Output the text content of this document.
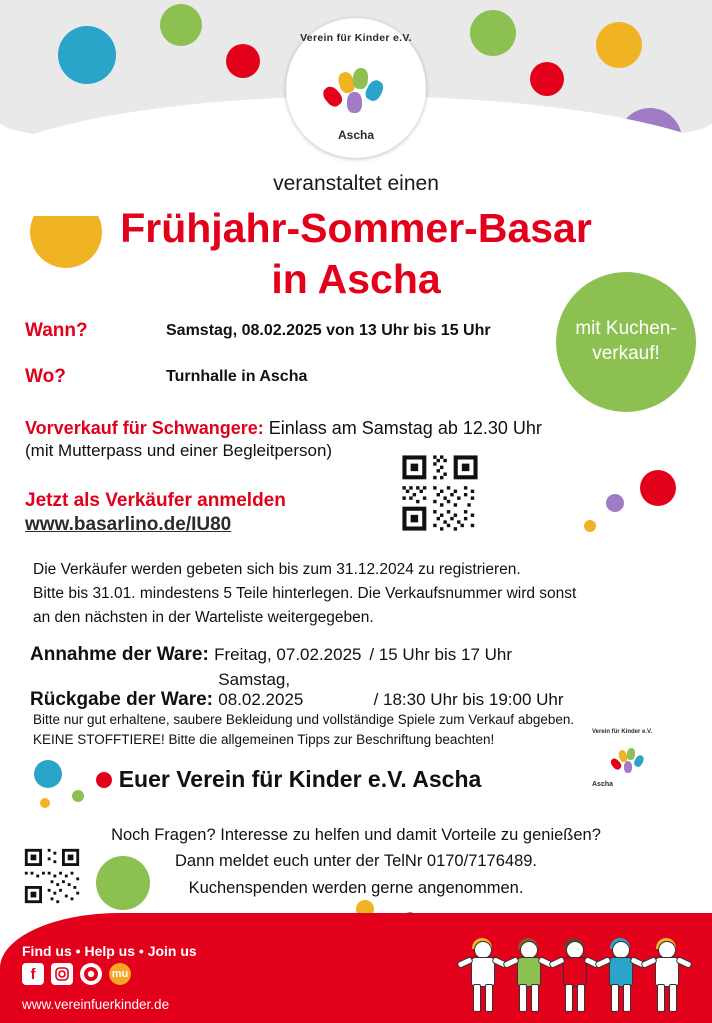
Verein für Kinder e.V.
Ascha
veranstaltet einen
Frühjahr-Sommer-Basar
in Ascha
mit Kuchen-verkauf!
Wann?	Samstag, 08.02.2025 von 13 Uhr bis 15 Uhr
Wo?	Turnhalle in Ascha
Vorverkauf für Schwangere: Einlass am Samstag ab 12.30 Uhr
(mit Mutterpass und einer Begleitperson)
Jetzt als Verkäufer anmelden
www.basarlino.de/IU80
Die Verkäufer werden gebeten sich bis zum 31.12.2024 zu registrieren.
Bitte bis 31.01. mindestens 5 Teile hinterlegen. Die Verkaufsnummer wird sonst
an den nächsten in der Warteliste weitergegeben.
Annahme der Ware: Freitag, 07.02.2025 / 15 Uhr bis 17 Uhr
Rückgabe der Ware: Samstag, 08.02.2025	/ 18:30 Uhr bis 19:00 Uhr
Bitte nur gut erhaltene, saubere Bekleidung und vollständige Spiele zum Verkauf abgeben.
KEINE STOFFTIERE! Bitte die allgemeinen Tipps zur Beschriftung beachten!
Verein für Kinder e.V.
Ascha
Euer Verein für Kinder e.V. Ascha
Noch Fragen? Interesse zu helfen und damit Vorteile zu genießen?
Dann meldet euch unter der TelNr 0170/7176489.
Kuchenspenden werden gerne angenommen.
Find us • Help us • Join us
f	mu
www.vereinfuerkinder.de
